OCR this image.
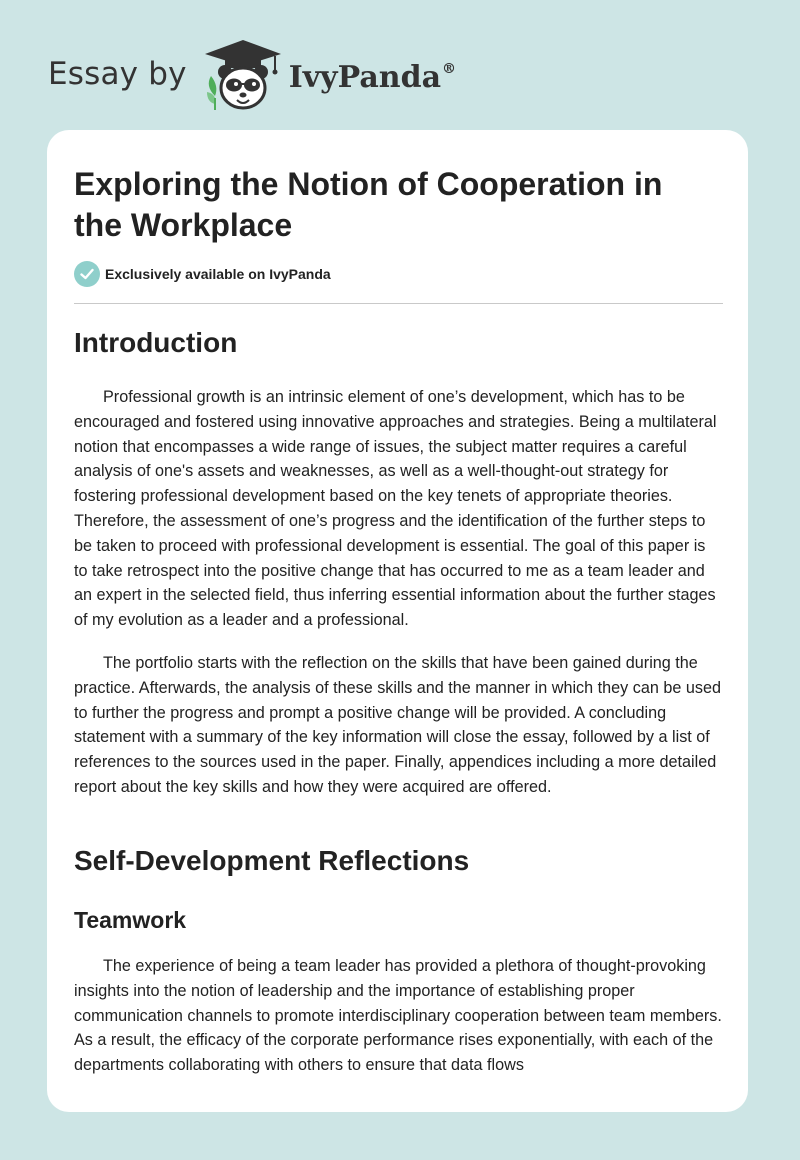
Essay by	IvyPanda®
Exploring the Notion of Cooperation in the Workplace
Exclusively available on IvyPanda
Introduction

Professional growth is an intrinsic element of one’s development, which has to be encouraged and fostered using innovative approaches and strategies. Being a multilateral notion that encompasses a wide range of issues, the subject matter requires a careful analysis of one's assets and weaknesses, as well as a well-thought-out strategy for fostering professional development based on the key tenets of appropriate theories. Therefore, the assessment of one’s progress and the identification of the further steps to be taken to proceed with professional development is essential. The goal of this paper is to take retrospect into the positive change that has occurred to me as a team leader and an expert in the selected field, thus inferring essential information about the further stages of my evolution as a leader and a professional.

The portfolio starts with the reflection on the skills that have been gained during the practice. Afterwards, the analysis of these skills and the manner in which they can be used to further the progress and prompt a positive change will be provided. A concluding statement with a summary of the key information will close the essay, followed by a list of references to the sources used in the paper. Finally, appendices including a more detailed report about the key skills and how they were acquired are offered.

Self-Development Reflections
Teamwork

The experience of being a team leader has provided a plethora of thought-provoking insights into the notion of leadership and the importance of establishing proper communication channels to promote interdisciplinary cooperation between team members. As a result, the efficacy of the corporate performance rises exponentially, with each of the departments collaborating with others to ensure that data flows
